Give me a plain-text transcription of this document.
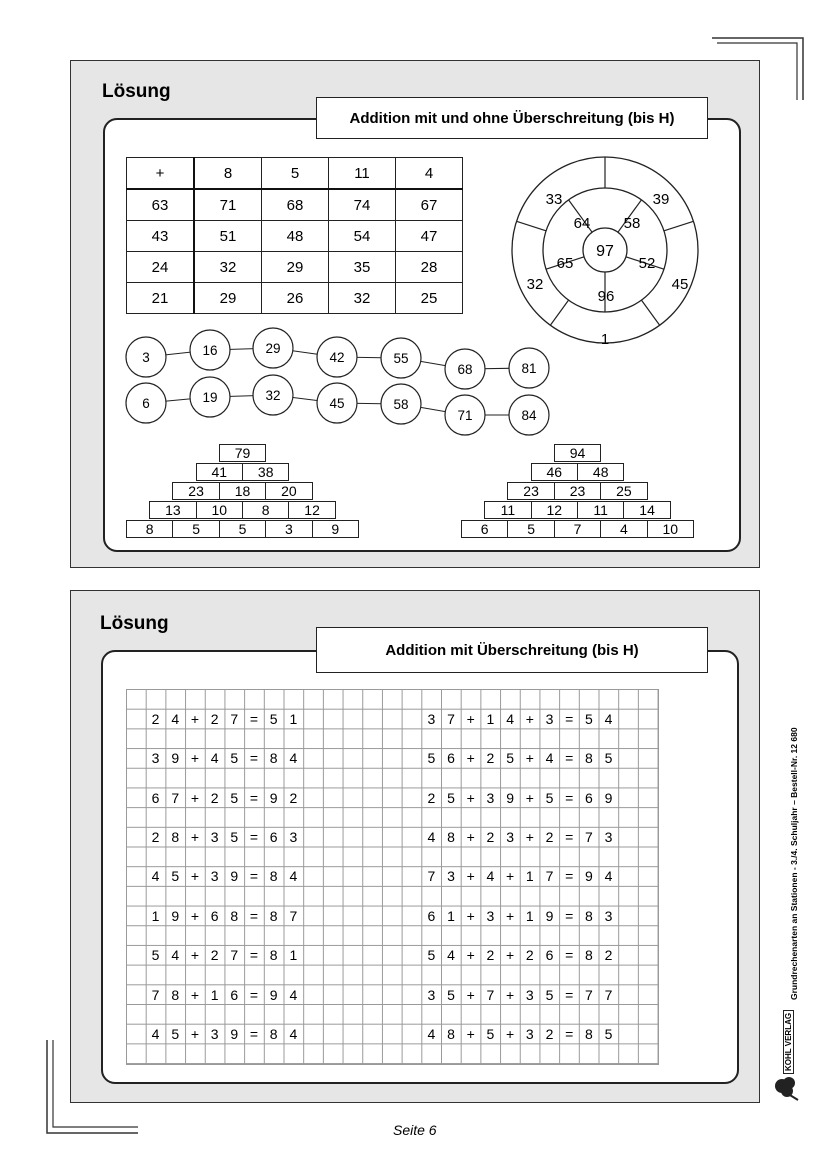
Lösung
Addition mit und ohne Überschreitung (bis H)
+	8	5	11	4
63	71	68	74	67
43	51	48	54	47
24	32	29	35	28
21	29	26	32	25
97
64 58
52
96
65
33	39
45
1
32
3	16	29
42	55
68	81
6	19	32
45	58
71	84
79
41	38
23	18	20
13	10	8	12
8	5	5	3	9
94
46	48
23	23	25
11	12	11	14
6	5	7	4	10
Lösung
Addition mit Überschreitung (bis H)
2 4 + 2 7 = 5 1
3 9 + 4 5 = 8 4
6 7 + 2 5 = 9 2
2 8 + 3 5 = 6 3
4 5 + 3 9 = 8 4
1 9 + 6 8 = 8 7
5 4 + 2 7 = 8 1
7 8 + 1 6 = 9 4
4 5 + 3 9 = 8 4
3 7 + 1 4 + 3 = 5 4
5 6 + 2 5 + 4 = 8 5
2 5 + 3 9 + 5 = 6 9
4 8 + 2 3 + 2 = 7 3
7 3 + 4 + 1 7 = 9 4
6 1 + 3 + 1 9 = 8 3
5 4 + 2 + 2 6 = 8 2
3 5 + 7 + 3 5 = 7 7
4 8 + 5 + 3 2 = 8 5
Grundrechenarten an Stationen - 3./4. Schuljahr – Bestell-Nr. 12 680
KOHL VERLAG
Seite 6
